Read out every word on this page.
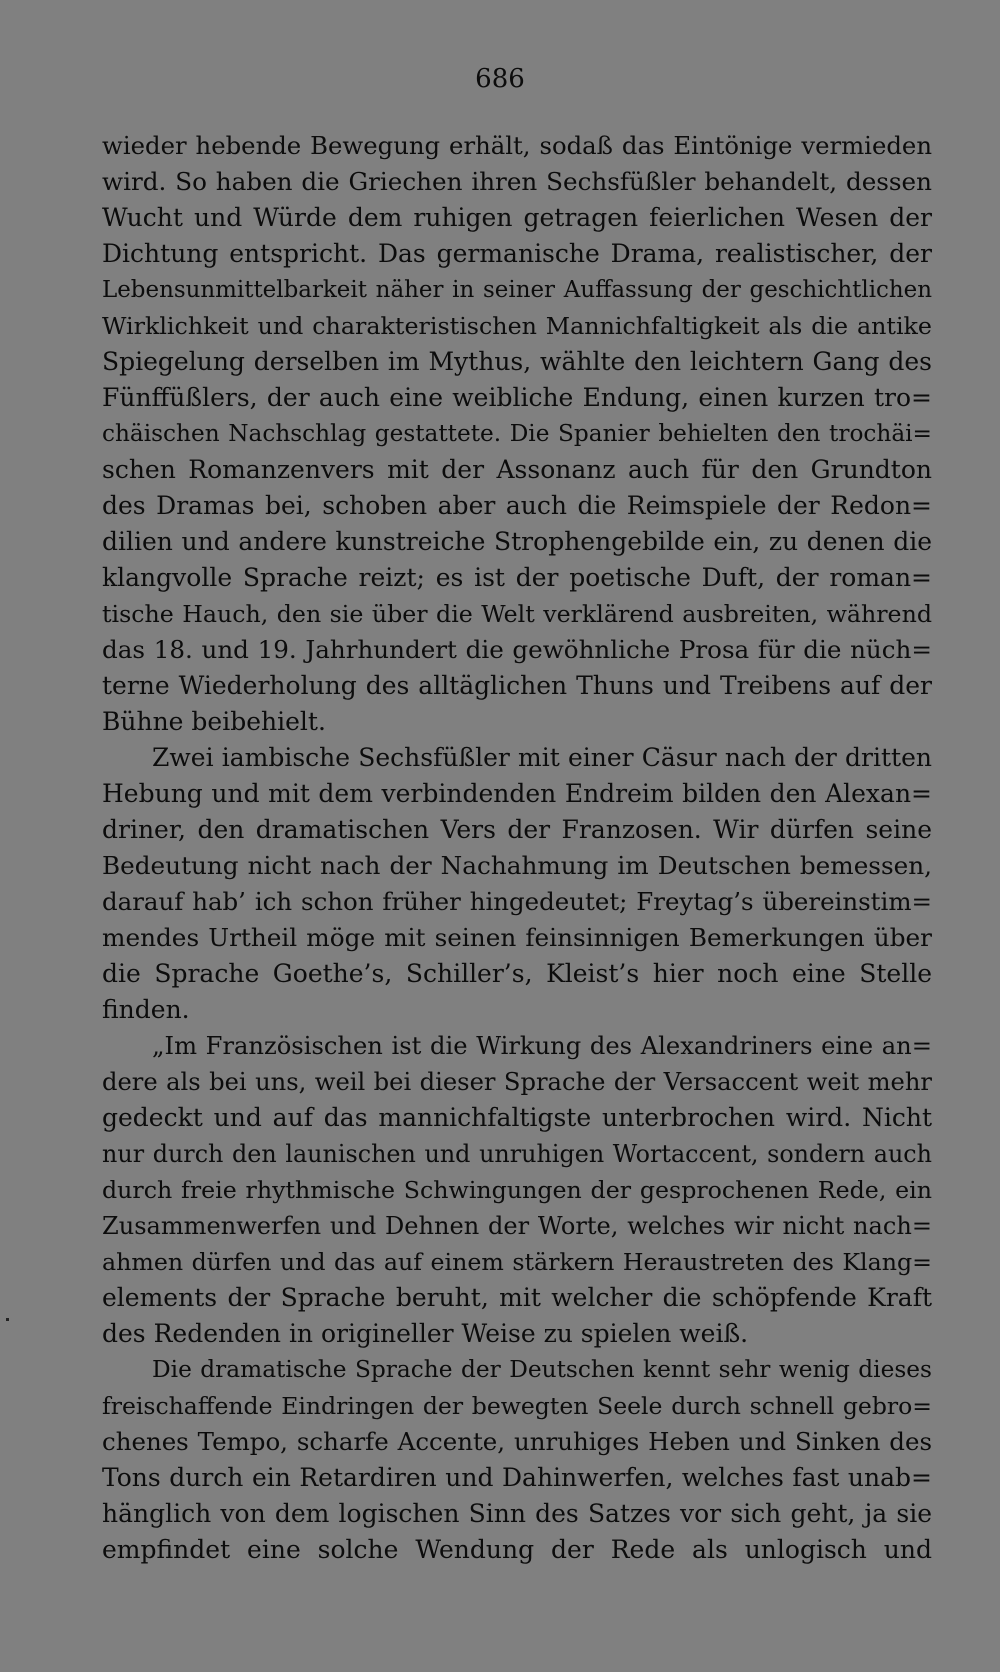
686
wieder hebende Bewegung erhält, sodaß das Eintönige vermieden
wird. So haben die Griechen ihren Sechsfüßler behandelt, dessen
Wucht und Würde dem ruhigen getragen feierlichen Wesen der
Dichtung entspricht. Das germanische Drama, realistischer, der
Lebensunmittelbarkeit näher in seiner Auffassung der geschichtlichen
Wirklichkeit und charakteristischen Mannichfaltigkeit als die antike
Spiegelung derselben im Mythus, wählte den leichtern Gang des
Fünffüßlers, der auch eine weibliche Endung, einen kurzen tro=
chäischen Nachschlag gestattete. Die Spanier behielten den trochäi=
schen Romanzenvers mit der Assonanz auch für den Grundton
des Dramas bei, schoben aber auch die Reimspiele der Redon=
dilien und andere kunstreiche Strophengebilde ein, zu denen die
klangvolle Sprache reizt; es ist der poetische Duft, der roman=
tische Hauch, den sie über die Welt verklärend ausbreiten, während
das 18. und 19. Jahrhundert die gewöhnliche Prosa für die nüch=
terne Wiederholung des alltäglichen Thuns und Treibens auf der
Bühne beibehielt.
Zwei iambische Sechsfüßler mit einer Cäsur nach der dritten
Hebung und mit dem verbindenden Endreim bilden den Alexan=
driner, den dramatischen Vers der Franzosen. Wir dürfen seine
Bedeutung nicht nach der Nachahmung im Deutschen bemessen,
darauf hab’ ich schon früher hingedeutet; Freytag’s übereinstim=
mendes Urtheil möge mit seinen feinsinnigen Bemerkungen über
die Sprache Goethe’s, Schiller’s, Kleist’s hier noch eine Stelle
finden.
„Im Französischen ist die Wirkung des Alexandriners eine an=
dere als bei uns, weil bei dieser Sprache der Versaccent weit mehr
gedeckt und auf das mannichfaltigste unterbrochen wird. Nicht
nur durch den launischen und unruhigen Wortaccent, sondern auch
durch freie rhythmische Schwingungen der gesprochenen Rede, ein
Zusammenwerfen und Dehnen der Worte, welches wir nicht nach=
ahmen dürfen und das auf einem stärkern Heraustreten des Klang=
elements der Sprache beruht, mit welcher die schöpfende Kraft
des Redenden in origineller Weise zu spielen weiß.
Die dramatische Sprache der Deutschen kennt sehr wenig dieses
freischaffende Eindringen der bewegten Seele durch schnell gebro=
chenes Tempo, scharfe Accente, unruhiges Heben und Sinken des
Tons durch ein Retardiren und Dahinwerfen, welches fast unab=
hänglich von dem logischen Sinn des Satzes vor sich geht, ja sie
empfindet eine solche Wendung der Rede als unlogisch und
